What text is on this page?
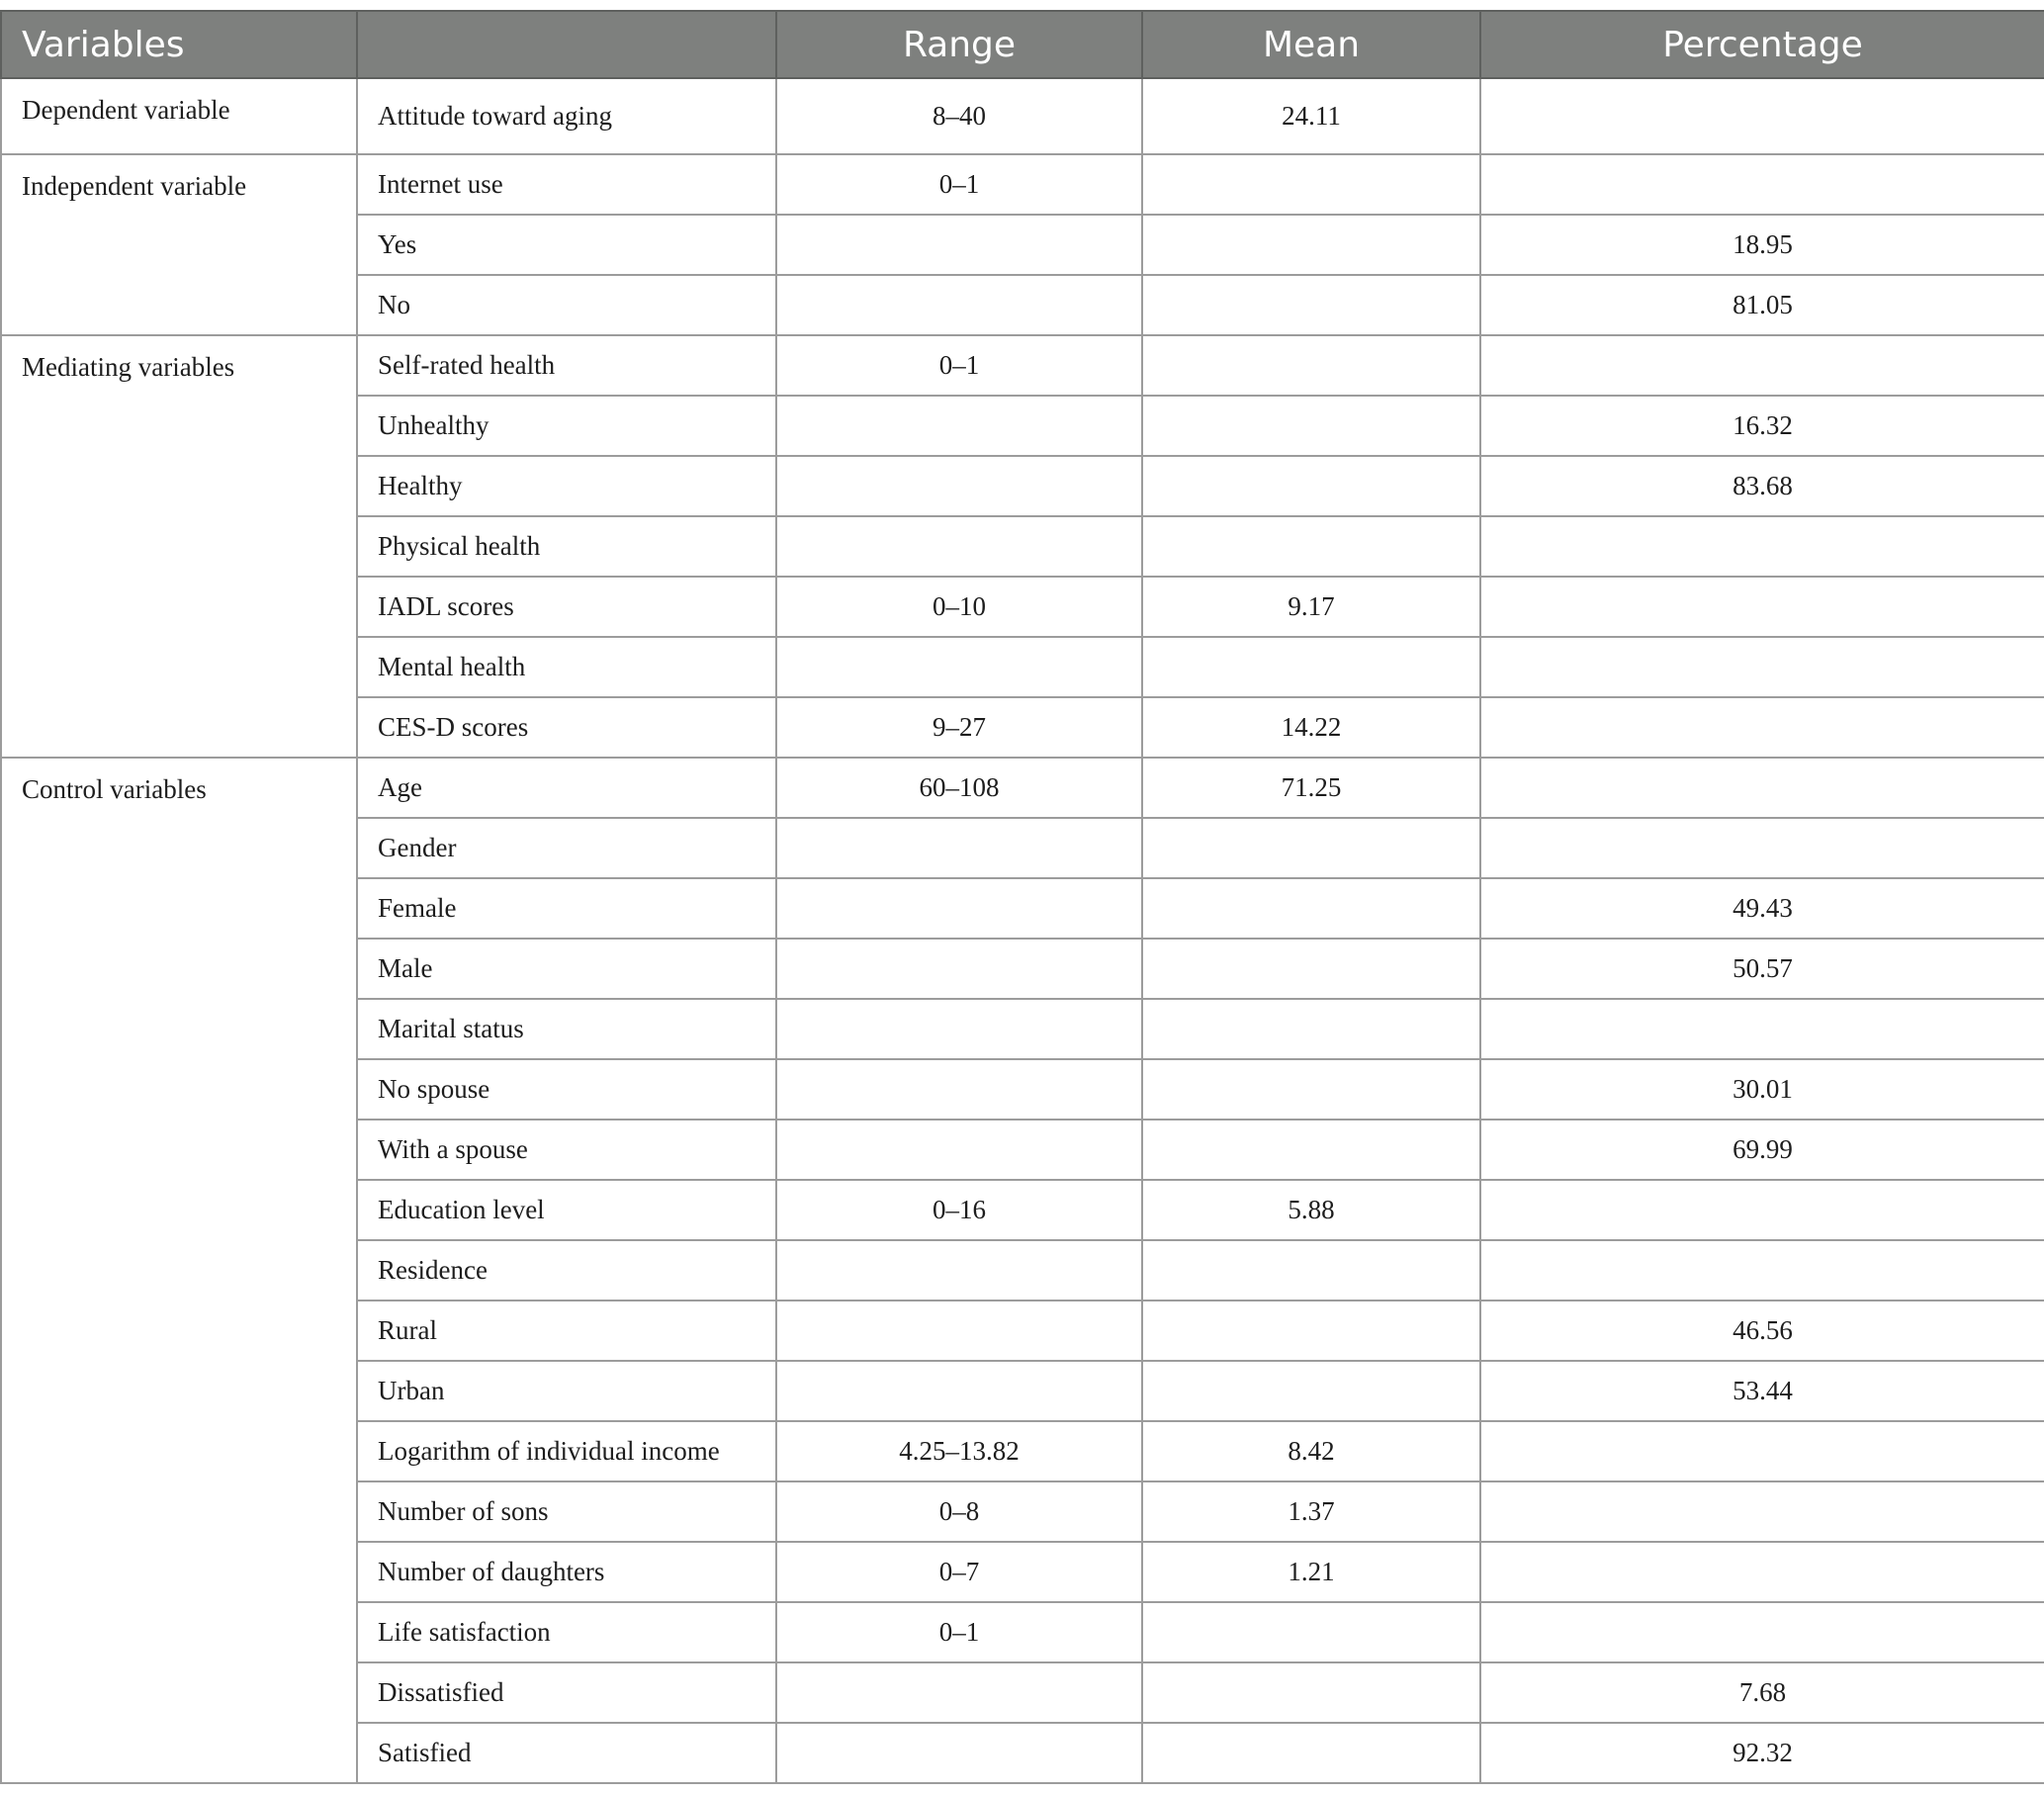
Variables		Range	Mean	Percentage
Dependent variable	Attitude toward aging	8–40	24.11	
Independent variable	Internet use	0–1		
	Yes			18.95
	No			81.05
Mediating variables	Self-rated health	0–1		
	Unhealthy			16.32
	Healthy			83.68
	Physical health			
	IADL scores	0–10	9.17	
	Mental health			
	CES-D scores	9–27	14.22	
Control variables	Age	60–108	71.25	
	Gender			
	Female			49.43
	Male			50.57
	Marital status			
	No spouse			30.01
	With a spouse			69.99
	Education level	0–16	5.88	
	Residence			
	Rural			46.56
	Urban			53.44
	Logarithm of individual income	4.25–13.82	8.42	
	Number of sons	0–8	1.37	
	Number of daughters	0–7	1.21	
	Life satisfaction	0–1		
	Dissatisfied			7.68
	Satisfied			92.32
